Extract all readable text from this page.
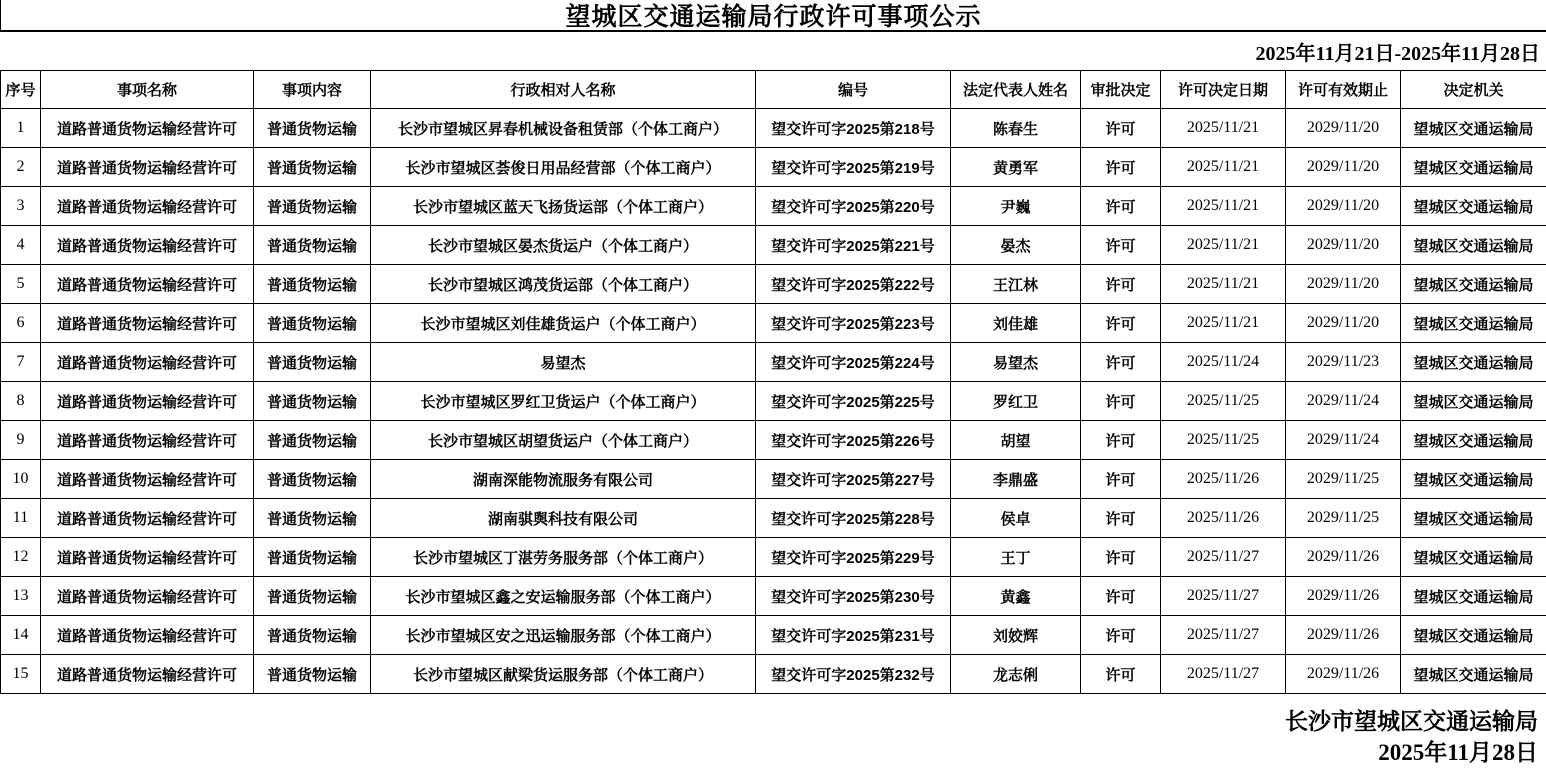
望城区交通运输局行政许可事项公示
2025年11月21日-2025年11月28日
序号	事项名称	事项内容	行政相对人名称	编号	法定代表人姓名	审批决定	许可决定日期	许可有效期止	决定机关
1	道路普通货物运输经营许可	普通货物运输	长沙市望城区昇春机械设备租赁部（个体工商户）	望交许可字2025第218号	陈春生	许可	2025/11/21	2029/11/20	望城区交通运输局
2	道路普通货物运输经营许可	普通货物运输	长沙市望城区荟俊日用品经营部（个体工商户）	望交许可字2025第219号	黄勇军	许可	2025/11/21	2029/11/20	望城区交通运输局
3	道路普通货物运输经营许可	普通货物运输	长沙市望城区蓝天飞扬货运部（个体工商户）	望交许可字2025第220号	尹巍	许可	2025/11/21	2029/11/20	望城区交通运输局
4	道路普通货物运输经营许可	普通货物运输	长沙市望城区晏杰货运户（个体工商户）	望交许可字2025第221号	晏杰	许可	2025/11/21	2029/11/20	望城区交通运输局
5	道路普通货物运输经营许可	普通货物运输	长沙市望城区鸿茂货运部（个体工商户）	望交许可字2025第222号	王江林	许可	2025/11/21	2029/11/20	望城区交通运输局
6	道路普通货物运输经营许可	普通货物运输	长沙市望城区刘佳雄货运户（个体工商户）	望交许可字2025第223号	刘佳雄	许可	2025/11/21	2029/11/20	望城区交通运输局
7	道路普通货物运输经营许可	普通货物运输	易望杰	望交许可字2025第224号	易望杰	许可	2025/11/24	2029/11/23	望城区交通运输局
8	道路普通货物运输经营许可	普通货物运输	长沙市望城区罗红卫货运户（个体工商户）	望交许可字2025第225号	罗红卫	许可	2025/11/25	2029/11/24	望城区交通运输局
9	道路普通货物运输经营许可	普通货物运输	长沙市望城区胡望货运户（个体工商户）	望交许可字2025第226号	胡望	许可	2025/11/25	2029/11/24	望城区交通运输局
10	道路普通货物运输经营许可	普通货物运输	湖南深能物流服务有限公司	望交许可字2025第227号	李鼎盛	许可	2025/11/26	2029/11/25	望城区交通运输局
11	道路普通货物运输经营许可	普通货物运输	湖南骐舆科技有限公司	望交许可字2025第228号	侯卓	许可	2025/11/26	2029/11/25	望城区交通运输局
12	道路普通货物运输经营许可	普通货物运输	长沙市望城区丁湛劳务服务部（个体工商户）	望交许可字2025第229号	王丁	许可	2025/11/27	2029/11/26	望城区交通运输局
13	道路普通货物运输经营许可	普通货物运输	长沙市望城区鑫之安运输服务部（个体工商户）	望交许可字2025第230号	黄鑫	许可	2025/11/27	2029/11/26	望城区交通运输局
14	道路普通货物运输经营许可	普通货物运输	长沙市望城区安之迅运输服务部（个体工商户）	望交许可字2025第231号	刘姣辉	许可	2025/11/27	2029/11/26	望城区交通运输局
15	道路普通货物运输经营许可	普通货物运输	长沙市望城区献梁货运服务部（个体工商户）	望交许可字2025第232号	龙志俐	许可	2025/11/27	2029/11/26	望城区交通运输局
长沙市望城区交通运输局
2025年11月28日
